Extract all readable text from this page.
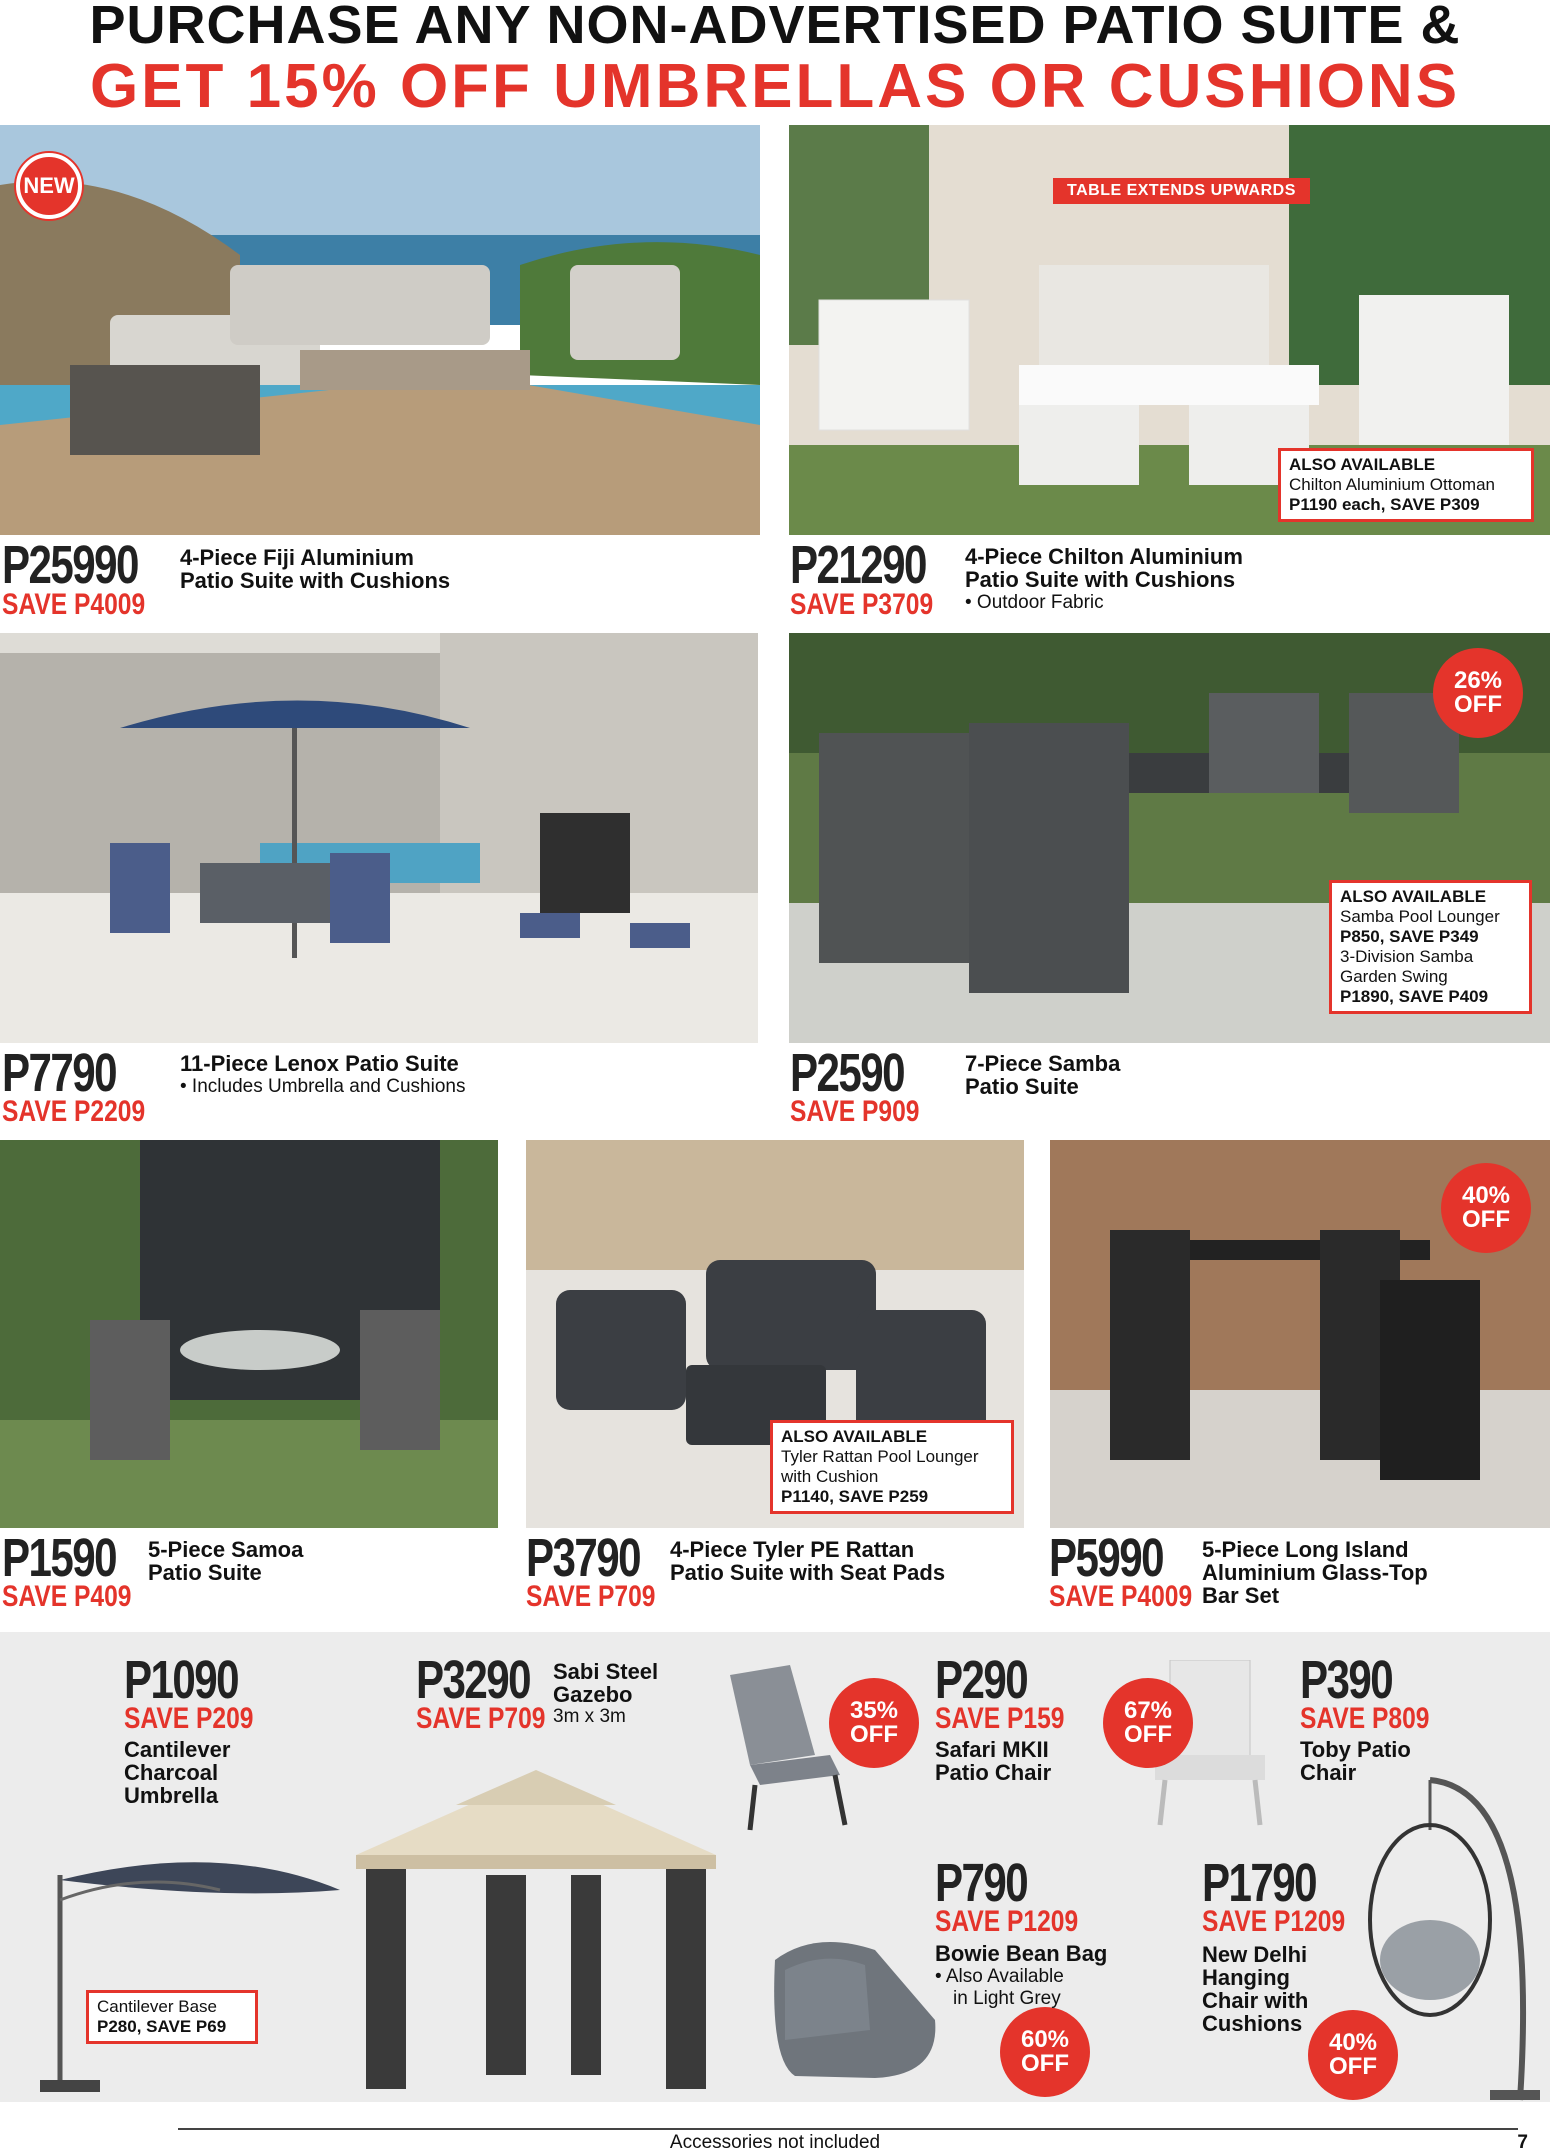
PURCHASE ANY NON-ADVERTISED PATIO SUITE &
GET 15% OFF UMBRELLAS OR CUSHIONS
NEW
P25990
SAVE P4009
4-Piece Fiji Aluminium
Patio Suite with Cushions
TABLE EXTENDS UPWARDS
ALSO AVAILABLE
Chilton Aluminium Ottoman
P1190 each, SAVE P309
P21290
SAVE P3709
4-Piece Chilton Aluminium
Patio Suite with Cushions
• Outdoor Fabric
P7790
SAVE P2209
11-Piece Lenox Patio Suite
• Includes Umbrella and Cushions
26%
OFF
ALSO AVAILABLE
Samba Pool Lounger
P850, SAVE P349
3-Division Samba
Garden Swing
P1890, SAVE P409
P2590
SAVE P909
7-Piece Samba
Patio Suite
P1590
SAVE P409
5-Piece Samoa
Patio Suite
ALSO AVAILABLE
Tyler Rattan Pool Lounger
with Cushion
P1140, SAVE P259
P3790
SAVE P709
4-Piece Tyler PE Rattan
Patio Suite with Seat Pads
40%
OFF
P5990
SAVE P4009
5-Piece Long Island
Aluminium Glass-Top
Bar Set
P1090
SAVE P209
Cantilever
Charcoal
Umbrella
Cantilever Base
P280, SAVE P69
P3290
SAVE P709
Sabi Steel
Gazebo
3m x 3m	35%
OFF
P290
SAVE P159
Safari MKII
Patio Chair
67%
OFF
P390
SAVE P809
Toby Patio
Chair
60%
OFF
P790
SAVE P1209
Bowie Bean Bag
• Also Available
in Light Grey
40%
OFF
P1790
SAVE P1209
New Delhi
Hanging
Chair with
Cushions
Accessories not included	7
